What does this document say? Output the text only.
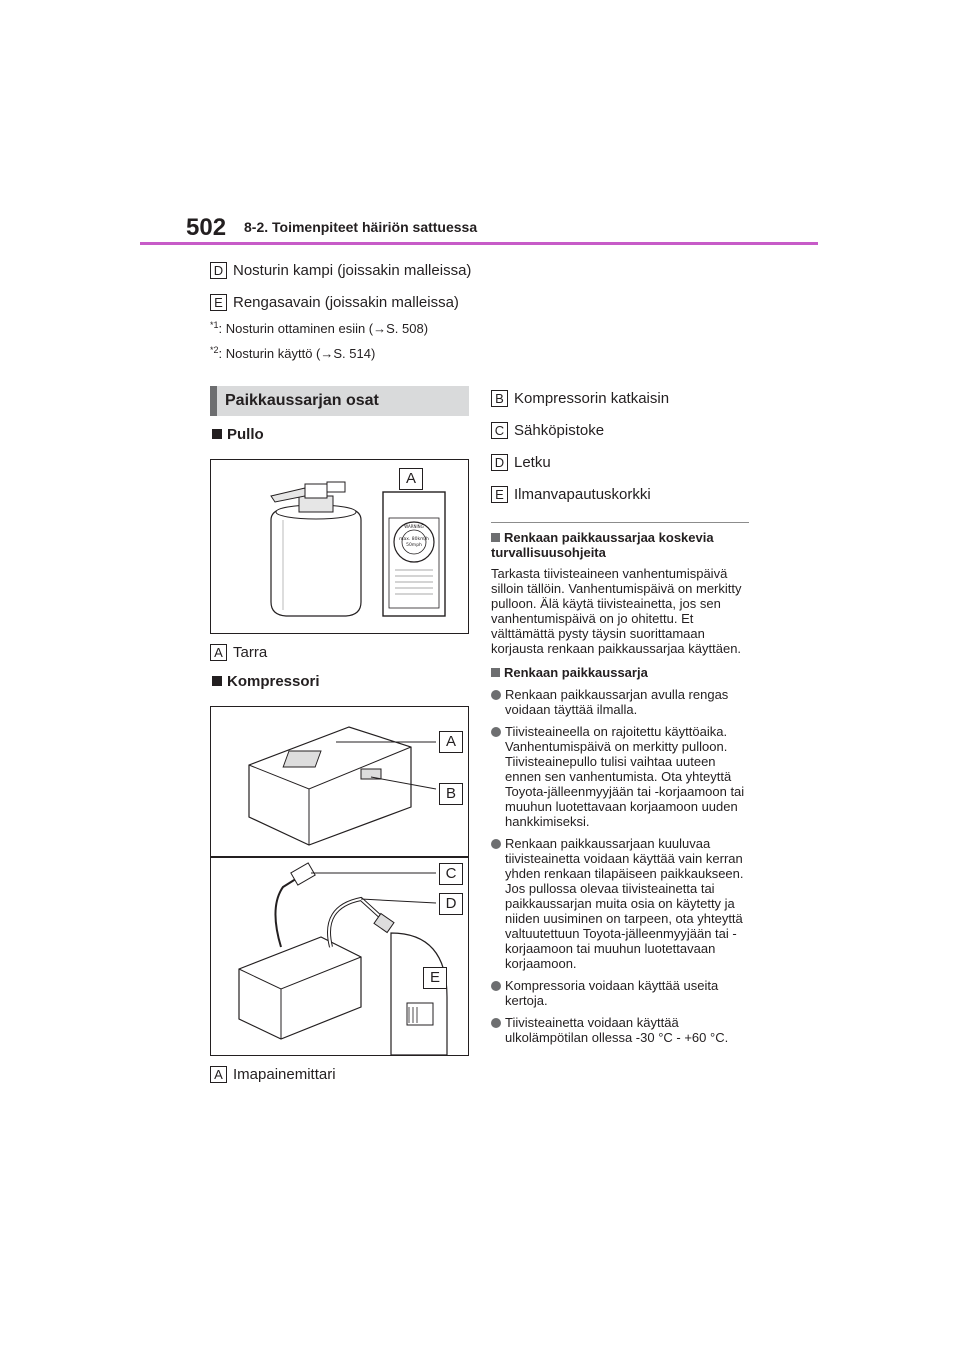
502 8-2. Toimenpiteet häiriön sattuessa
D Nosturin kampi (joissakin malleissa)
E Rengasavain (joissakin malleissa)
$^{*1}$: Nosturin ottaminen esiin (→S. 508)
$^{*2}$: Nosturin käyttö (→S. 514)
Paikkaussarjan osat
Pullo
max. 80km/h
50mph
WARNING
A
A Tarra
Kompressori
A
B
C
D
E
A Imapainemittari
B Kompressorin katkaisin
C Sähköpistoke
D Letku
E Ilmanvapautuskorkki

Renkaan paikkaussarjaa koskevia turvallisuusohjeita

Tarkasta tiivisteaineen vanhentumispäivä silloin tällöin. Vanhentumispäivä on merkitty pulloon. Älä käytä tiivisteainetta, jos sen vanhentumispäivä on jo ohitettu. Et välttämättä pysty täysin suorittamaan korjausta renkaan paikkaussarjaa käyttäen.

Renkaan paikkaussarja

Renkaan paikkaussarjan avulla rengas voidaan täyttää ilmalla.

Tiivisteaineella on rajoitettu käyttöaika. Vanhentumispäivä on merkitty pulloon. Tiivisteainepullo tulisi vaihtaa uuteen ennen sen vanhentumista. Ota yhteyttä Toyota-jälleenmyyjään tai -korjaamoon tai muuhun luotettavaan korjaamoon uuden hankkimiseksi.

Renkaan paikkaussarjaan kuuluvaa tiivisteainetta voidaan käyttää vain kerran yhden renkaan tilapäiseen paikkaukseen. Jos pullossa olevaa tiivisteainetta tai paikkaussarjan muita osia on käytetty ja niiden uusiminen on tarpeen, ota yhteyttä valtuutettuun Toyota-jälleenmyyjään tai -korjaamoon tai muuhun luotettavaan korjaamoon.

Kompressoria voidaan käyttää useita kertoja.

Tiivisteainetta voidaan käyttää ulkolämpötilan ollessa -30 °C - +60 °C.
